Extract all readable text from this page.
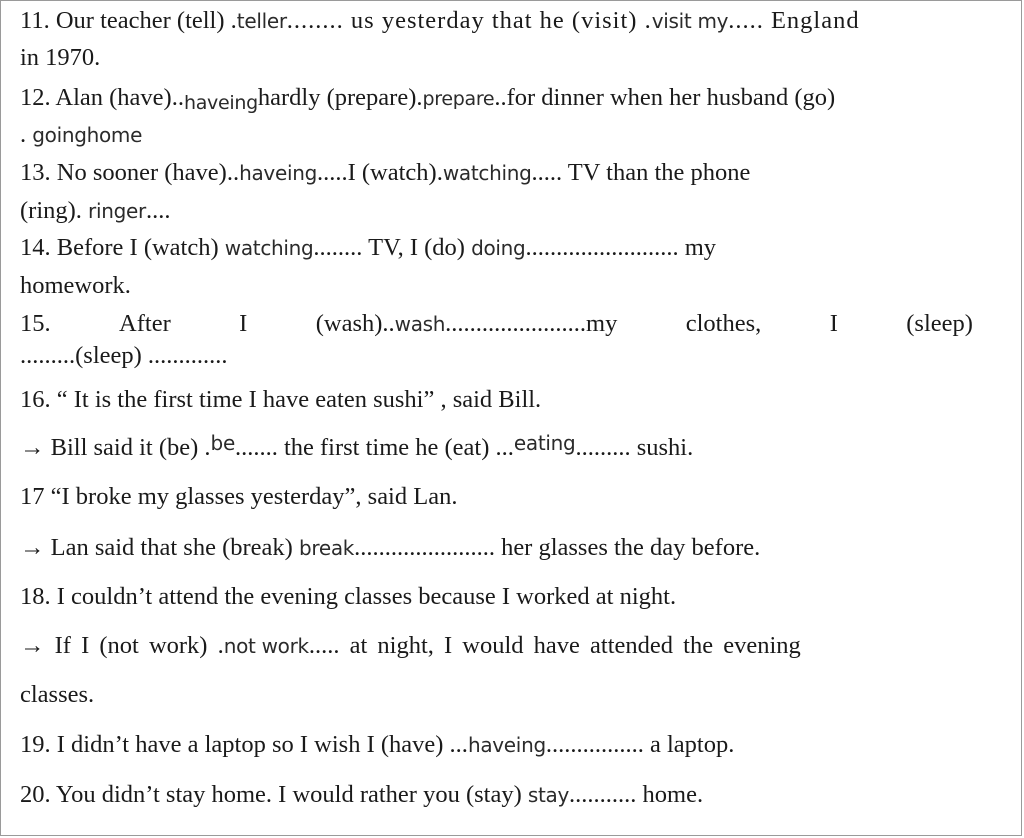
11. Our teacher (tell) .teller........ us yesterday that he (visit) .visit my..... England
in 1970.
12. Alan (have)..haveinghardly (prepare).prepare..for dinner when her husband (go)
. goinghome
13. No sooner (have)..haveing.....I (watch).watching..... TV than the phone
(ring). ringer....
14. Before I (watch) watching........ TV, I (do) doing......................... my
homework.
15.	After	I	(wash)..wash.......................my	clothes,	I	(sleep)
.........(sleep) .............
16. “ It is the first time I have eaten sushi” , said Bill.
→ Bill said it (be) .$^{be}$....... the first time he (eat) ...$^{eating}$......... sushi.
17 “I broke my glasses yesterday”, said Lan.
→ Lan said that she (break) break....................... her glasses the day before.
18. I couldn’t attend the evening classes because I worked at night.
→ If I (not work) .not work..... at night, I would have attended the evening
classes.
19. I didn’t have a laptop so I wish I (have) ...haveing................ a laptop.
20. You didn’t stay home. I would rather you (stay) stay........... home.
